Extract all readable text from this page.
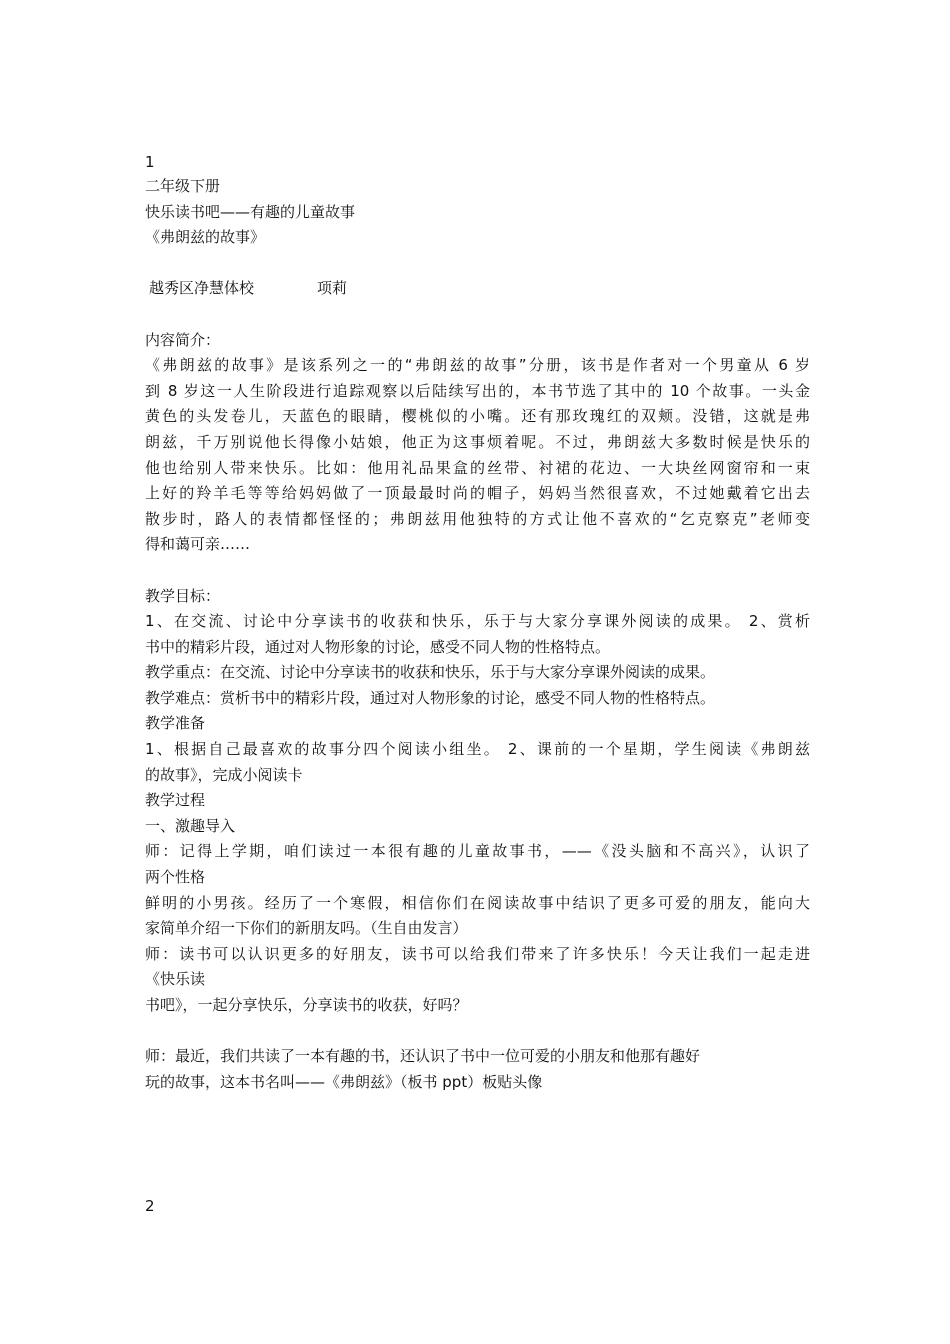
1
二年级下册
快乐读书吧——有趣的儿童故事
《弗朗兹的故事》
越秀区净慧体校	项莉
内容简介：
《弗朗兹的故事》是该系列之一的“弗朗兹的故事”分册，该书是作者对一个男童从 6 岁
到 8 岁这一人生阶段进行追踪观察以后陆续写出的，本书节选了其中的 10 个故事。一头金
黄色的头发卷儿，天蓝色的眼睛，樱桃似的小嘴。还有那玫瑰红的双颊。没错，这就是弗
朗兹，千万别说他长得像小姑娘，他正为这事烦着呢。不过，弗朗兹大多数时候是快乐的
他也给别人带来快乐。比如：他用礼品果盒的丝带、衬裙的花边、一大块丝网窗帘和一束
上好的羚羊毛等等给妈妈做了一顶最最时尚的帽子，妈妈当然很喜欢，不过她戴着它出去
散步时，路人的表情都怪怪的；弗朗兹用他独特的方式让他不喜欢的“乞克察克”老师变
得和蔼可亲……
教学目标：
1、在交流、讨论中分享读书的收获和快乐，乐于与大家分享课外阅读的成果。 2、赏析
书中的精彩片段，通过对人物形象的讨论，感受不同人物的性格特点。
教学重点：在交流、讨论中分享读书的收获和快乐，乐于与大家分享课外阅读的成果。
教学难点：赏析书中的精彩片段，通过对人物形象的讨论，感受不同人物的性格特点。
教学准备
1、根据自己最喜欢的故事分四个阅读小组坐。 2、课前的一个星期，学生阅读《弗朗兹
的故事》，完成小阅读卡
教学过程
一、激趣导入
师：记得上学期，咱们读过一本很有趣的儿童故事书，——《没头脑和不高兴》，认识了
两个性格
鲜明的小男孩。经历了一个寒假，相信你们在阅读故事中结识了更多可爱的朋友，能向大
家简单介绍一下你们的新朋友吗。（生自由发言）
师：读书可以认识更多的好朋友，读书可以给我们带来了许多快乐！今天让我们一起走进
《快乐读
书吧》，一起分享快乐，分享读书的收获，好吗？
师：最近，我们共读了一本有趣的书，还认识了书中一位可爱的小朋友和他那有趣好
玩的故事，这本书名叫——《弗朗兹》（板书 ppt）板贴头像
2
